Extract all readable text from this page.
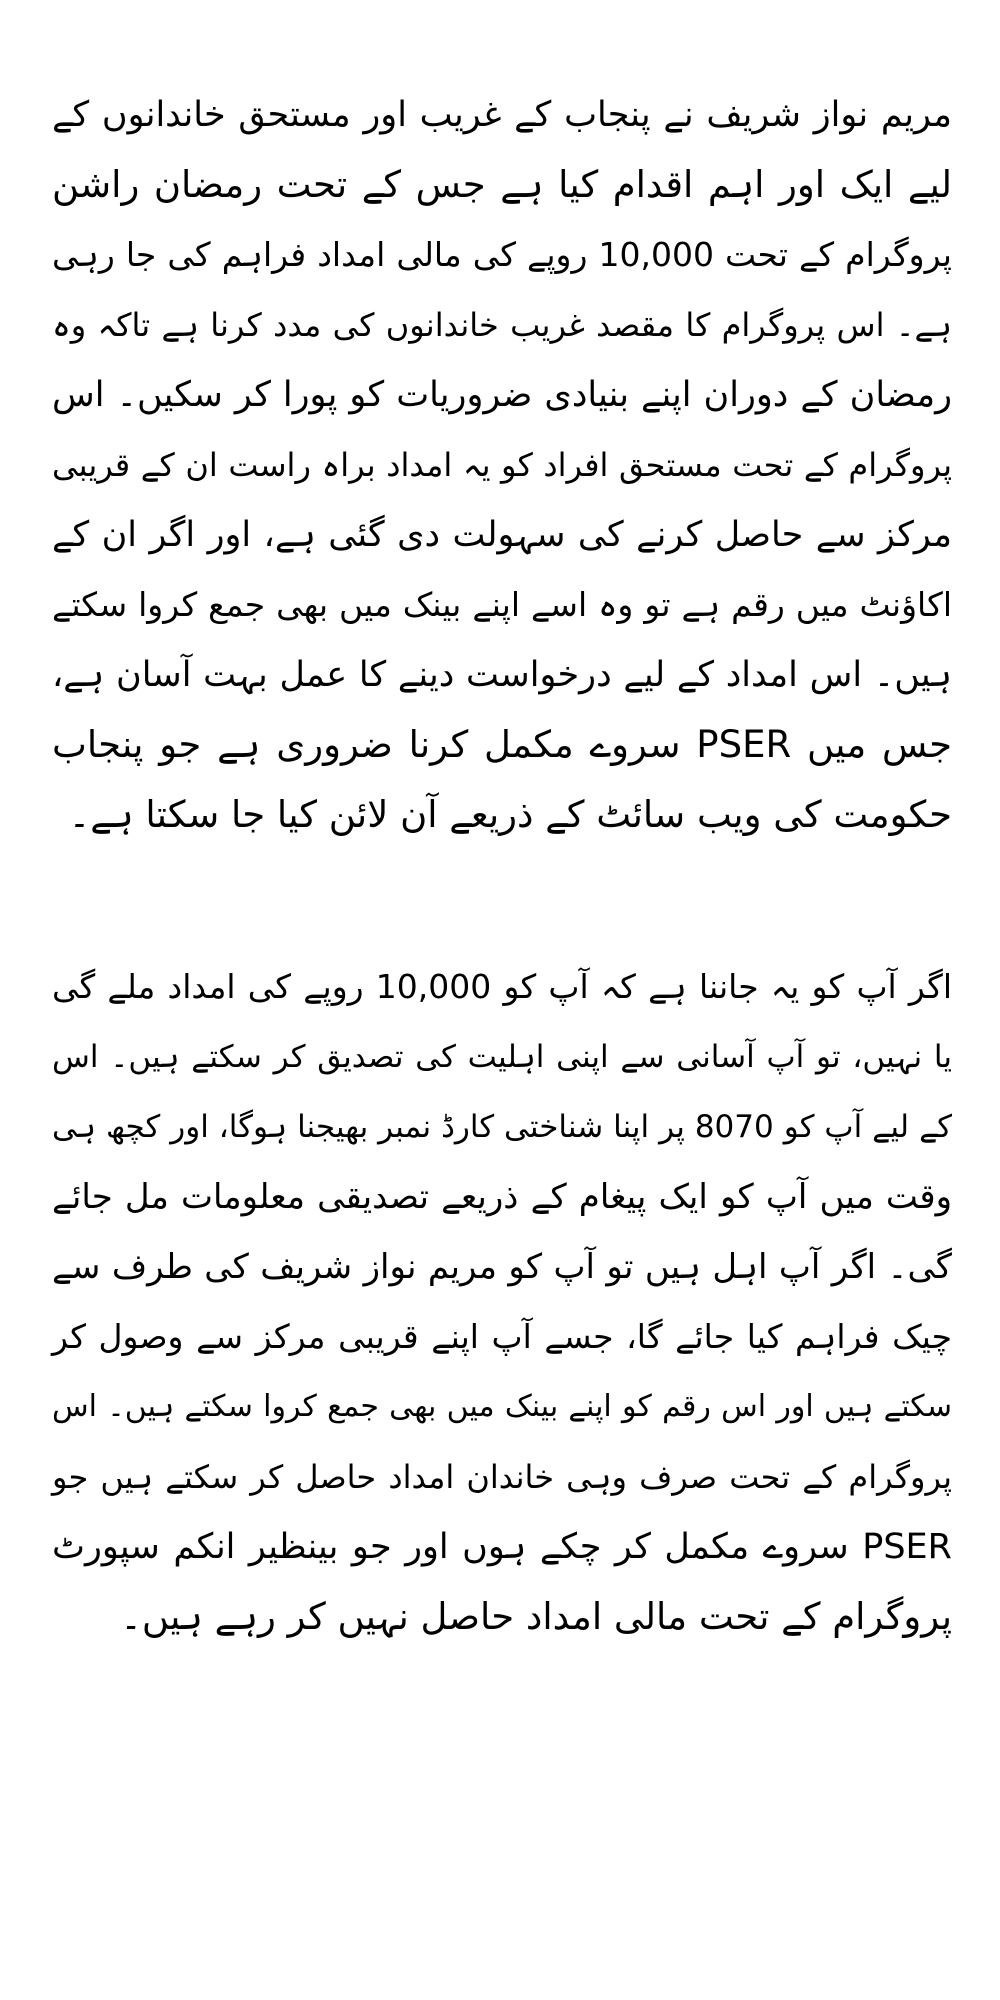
مریم نواز شریف نے پنجاب کے غریب اور مستحق خاندانوں کے
لیے ایک اور اہم اقدام کیا ہے جس کے تحت رمضان راشن
پروگرام کے تحت 10,000 روپے کی مالی امداد فراہم کی جا رہی
ہے۔ اس پروگرام کا مقصد غریب خاندانوں کی مدد کرنا ہے تاکہ وہ
رمضان کے دوران اپنے بنیادی ضروریات کو پورا کر سکیں۔ اس
پروگرام کے تحت مستحق افراد کو یہ امداد براہ راست ان کے قریبی
مرکز سے حاصل کرنے کی سہولت دی گئی ہے، اور اگر ان کے
اکاؤنٹ میں رقم ہے تو وہ اسے اپنے بینک میں بھی جمع کروا سکتے
ہیں۔ اس امداد کے لیے درخواست دینے کا عمل بہت آسان ہے،
جس میں PSER سروے مکمل کرنا ضروری ہے جو پنجاب
حکومت کی ویب سائٹ کے ذریعے آن لائن کیا جا سکتا ہے۔
اگر آپ کو یہ جاننا ہے کہ آپ کو 10,000 روپے کی امداد ملے گی
یا نہیں، تو آپ آسانی سے اپنی اہلیت کی تصدیق کر سکتے ہیں۔ اس
کے لیے آپ کو 8070 پر اپنا شناختی کارڈ نمبر بھیجنا ہوگا، اور کچھ ہی
وقت میں آپ کو ایک پیغام کے ذریعے تصدیقی معلومات مل جائے
گی۔ اگر آپ اہل ہیں تو آپ کو مریم نواز شریف کی طرف سے
چیک فراہم کیا جائے گا، جسے آپ اپنے قریبی مرکز سے وصول کر
سکتے ہیں اور اس رقم کو اپنے بینک میں بھی جمع کروا سکتے ہیں۔ اس
پروگرام کے تحت صرف وہی خاندان امداد حاصل کر سکتے ہیں جو
PSER سروے مکمل کر چکے ہوں اور جو بینظیر انکم سپورٹ
پروگرام کے تحت مالی امداد حاصل نہیں کر رہے ہیں۔
